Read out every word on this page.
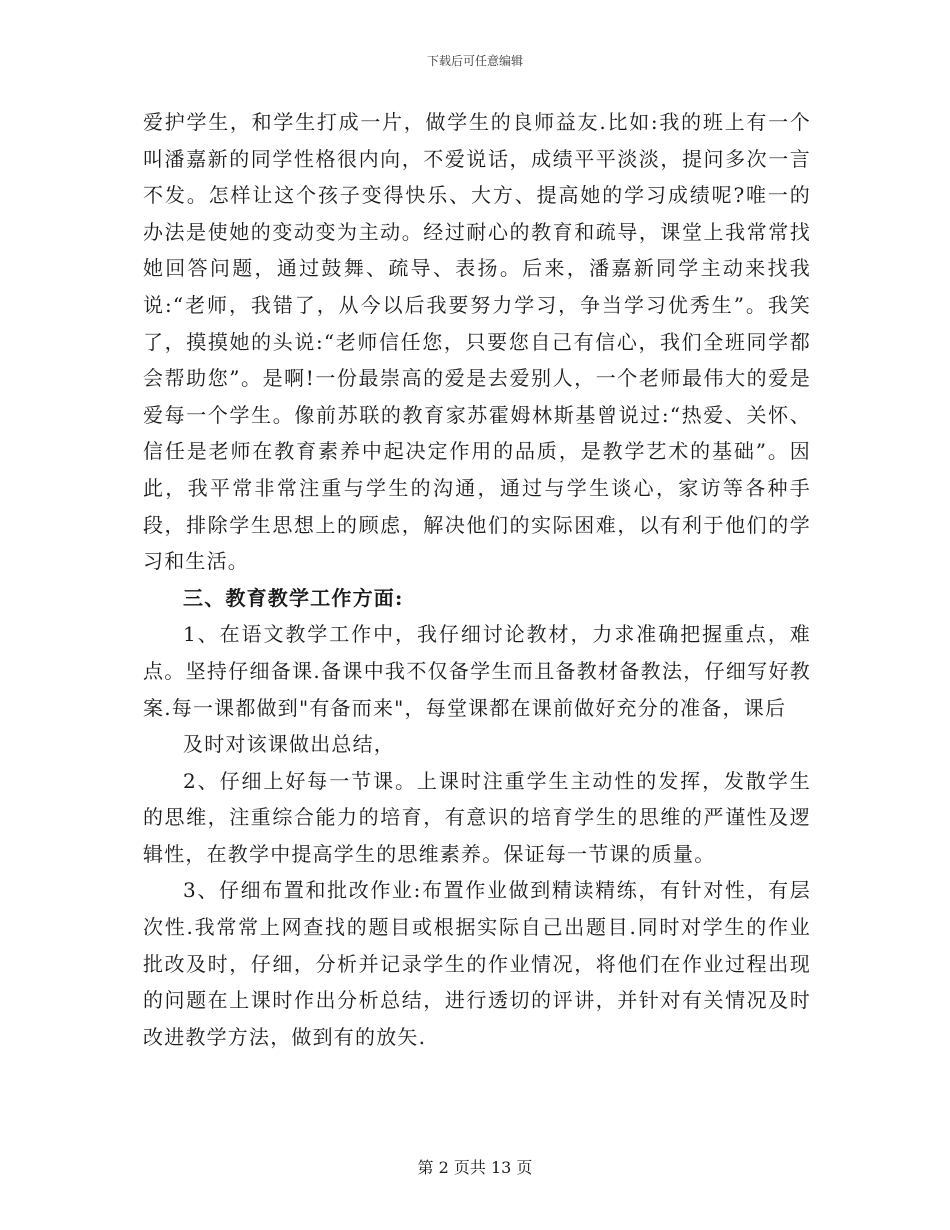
下载后可任意编辑

爱护学生，和学生打成一片，做学生的良师益友.比如:我的班上有一个叫潘嘉新的同学性格很内向，不爱说话，成绩平平淡淡，提问多次一言不发。怎样让这个孩子变得快乐、大方、提高她的学习成绩呢?唯一的办法是使她的变动变为主动。经过耐心的教育和疏导，课堂上我常常找她回答问题，通过鼓舞、疏导、表扬。后来，潘嘉新同学主动来找我说:“老师，我错了，从今以后我要努力学习，争当学习优秀生”。我笑了，摸摸她的头说:“老师信任您，只要您自己有信心，我们全班同学都会帮助您”。是啊!一份最崇高的爱是去爱别人，一个老师最伟大的爱是爱每一个学生。像前苏联的教育家苏霍姆林斯基曾说过:“热爱、关怀、信任是老师在教育素养中起决定作用的品质，是教学艺术的基础”。因此，我平常非常注重与学生的沟通，通过与学生谈心，家访等各种手段，排除学生思想上的顾虑，解决他们的实际困难，以有利于他们的学习和生活。

三、教育教学工作方面:

1、在语文教学工作中，我仔细讨论教材，力求准确把握重点，难点。坚持仔细备课.备课中我不仅备学生而且备教材备教法，仔细写好教案.每一课都做到"有备而来"，每堂课都在课前做好充分的准备，课后

及时对该课做出总结，

2、仔细上好每一节课。上课时注重学生主动性的发挥，发散学生的思维，注重综合能力的培育，有意识的培育学生的思维的严谨性及逻辑性，在教学中提高学生的思维素养。保证每一节课的质量。

3、仔细布置和批改作业:布置作业做到精读精练，有针对性，有层次性.我常常上网查找的题目或根据实际自己出题目.同时对学生的作业批改及时，仔细，分析并记录学生的作业情况，将他们在作业过程出现的问题在上课时作出分析总结，进行透切的评讲，并针对有关情况及时改进教学方法，做到有的放矢.

第 2 页共 13 页
